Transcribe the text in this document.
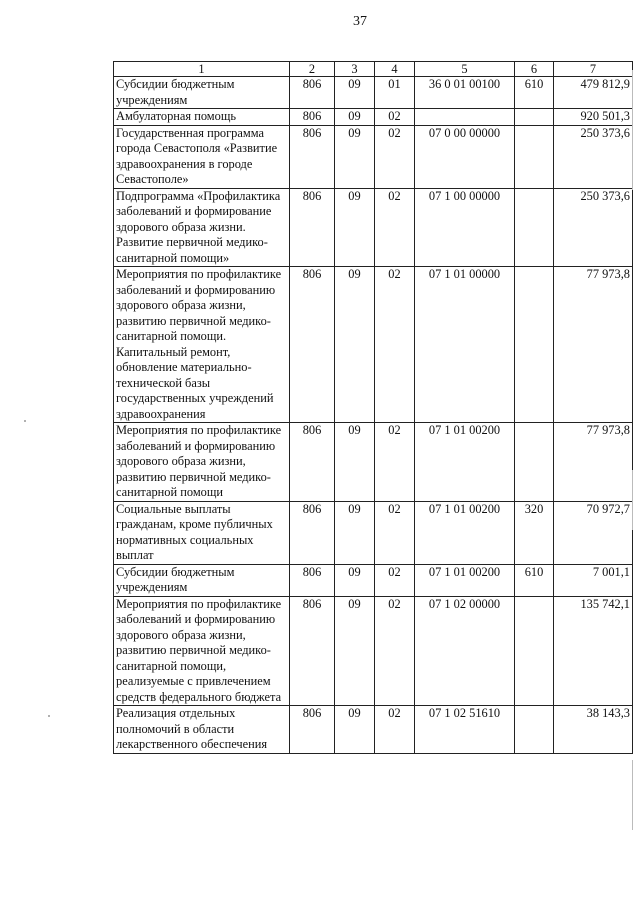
37
1	2	3	4	5	6	7
Субсидии бюджетным учреждениям	806	09	01	36 0 01 00100	610	479 812,9
Амбулаторная помощь	806	09	02			920 501,3
Государственная программа города Севастополя «Развитие здравоохранения в городе Севастополе»	806	09	02	07 0 00 00000		250 373,6
Подпрограмма «Профилактика заболеваний и формирование здорового образа жизни. Развитие первичной медико-санитарной помощи»	806	09	02	07 1 00 00000		250 373,6
Мероприятия по профилактике заболеваний и формированию здорового образа жизни, развитию первичной медико-санитарной помощи. Капитальный ремонт, обновление материально-технической базы государственных учреждений здравоохранения	806	09	02	07 1 01 00000		77 973,8
Мероприятия по профилактике заболеваний и формированию здорового образа жизни, развитию первичной медико-санитарной помощи	806	09	02	07 1 01 00200		77 973,8
Социальные выплаты гражданам, кроме публичных нормативных социальных выплат	806	09	02	07 1 01 00200	320	70 972,7
Субсидии бюджетным учреждениям	806	09	02	07 1 01 00200	610	7 001,1
Мероприятия по профилактике заболеваний и формированию здорового образа жизни, развитию первичной медико-санитарной помощи, реализуемые с привлечением средств федерального бюджета	806	09	02	07 1 02 00000		135 742,1
Реализация отдельных полномочий в области лекарственного обеспечения	806	09	02	07 1 02 51610		38 143,3
